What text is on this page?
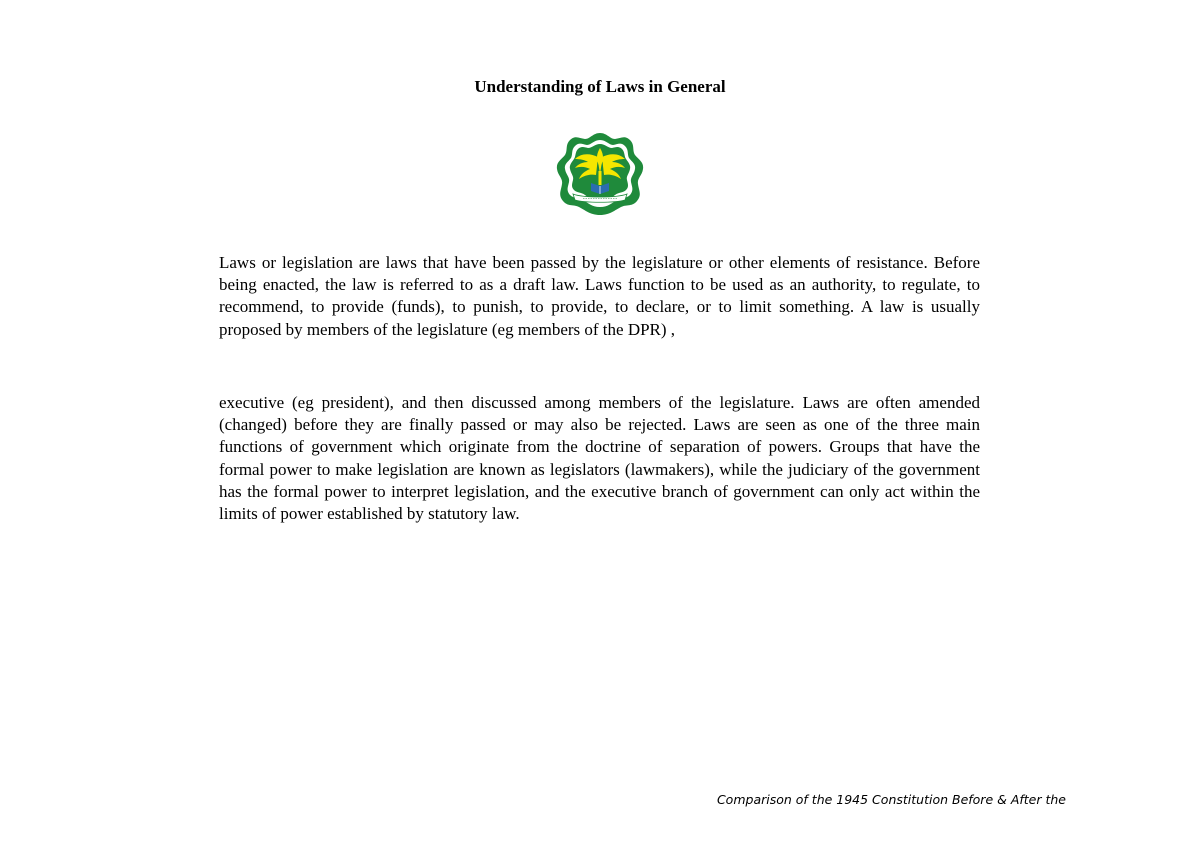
Understanding of Laws in General

Laws or legislation are laws that have been passed by the legislature or other elements of resistance. Before being enacted, the law is referred to as a draft law. Laws function to be used as an authority, to regulate, to recommend, to provide (funds), to punish, to provide, to declare, or to limit something. A law is usually proposed by members of the legislature (eg members of the DPR) ,

executive (eg president), and then discussed among members of the legislature. Laws are often amended (changed) before they are finally passed or may also be rejected. Laws are seen as one of the three main functions of government which originate from the doctrine of separation of powers. Groups that have the formal power to make legislation are known as legislators (lawmakers), while the judiciary of the government has the formal power to interpret legislation, and the executive branch of government can only act within the limits of power established by statutory law.

Comparison of the 1945 Constitution Before & After the
